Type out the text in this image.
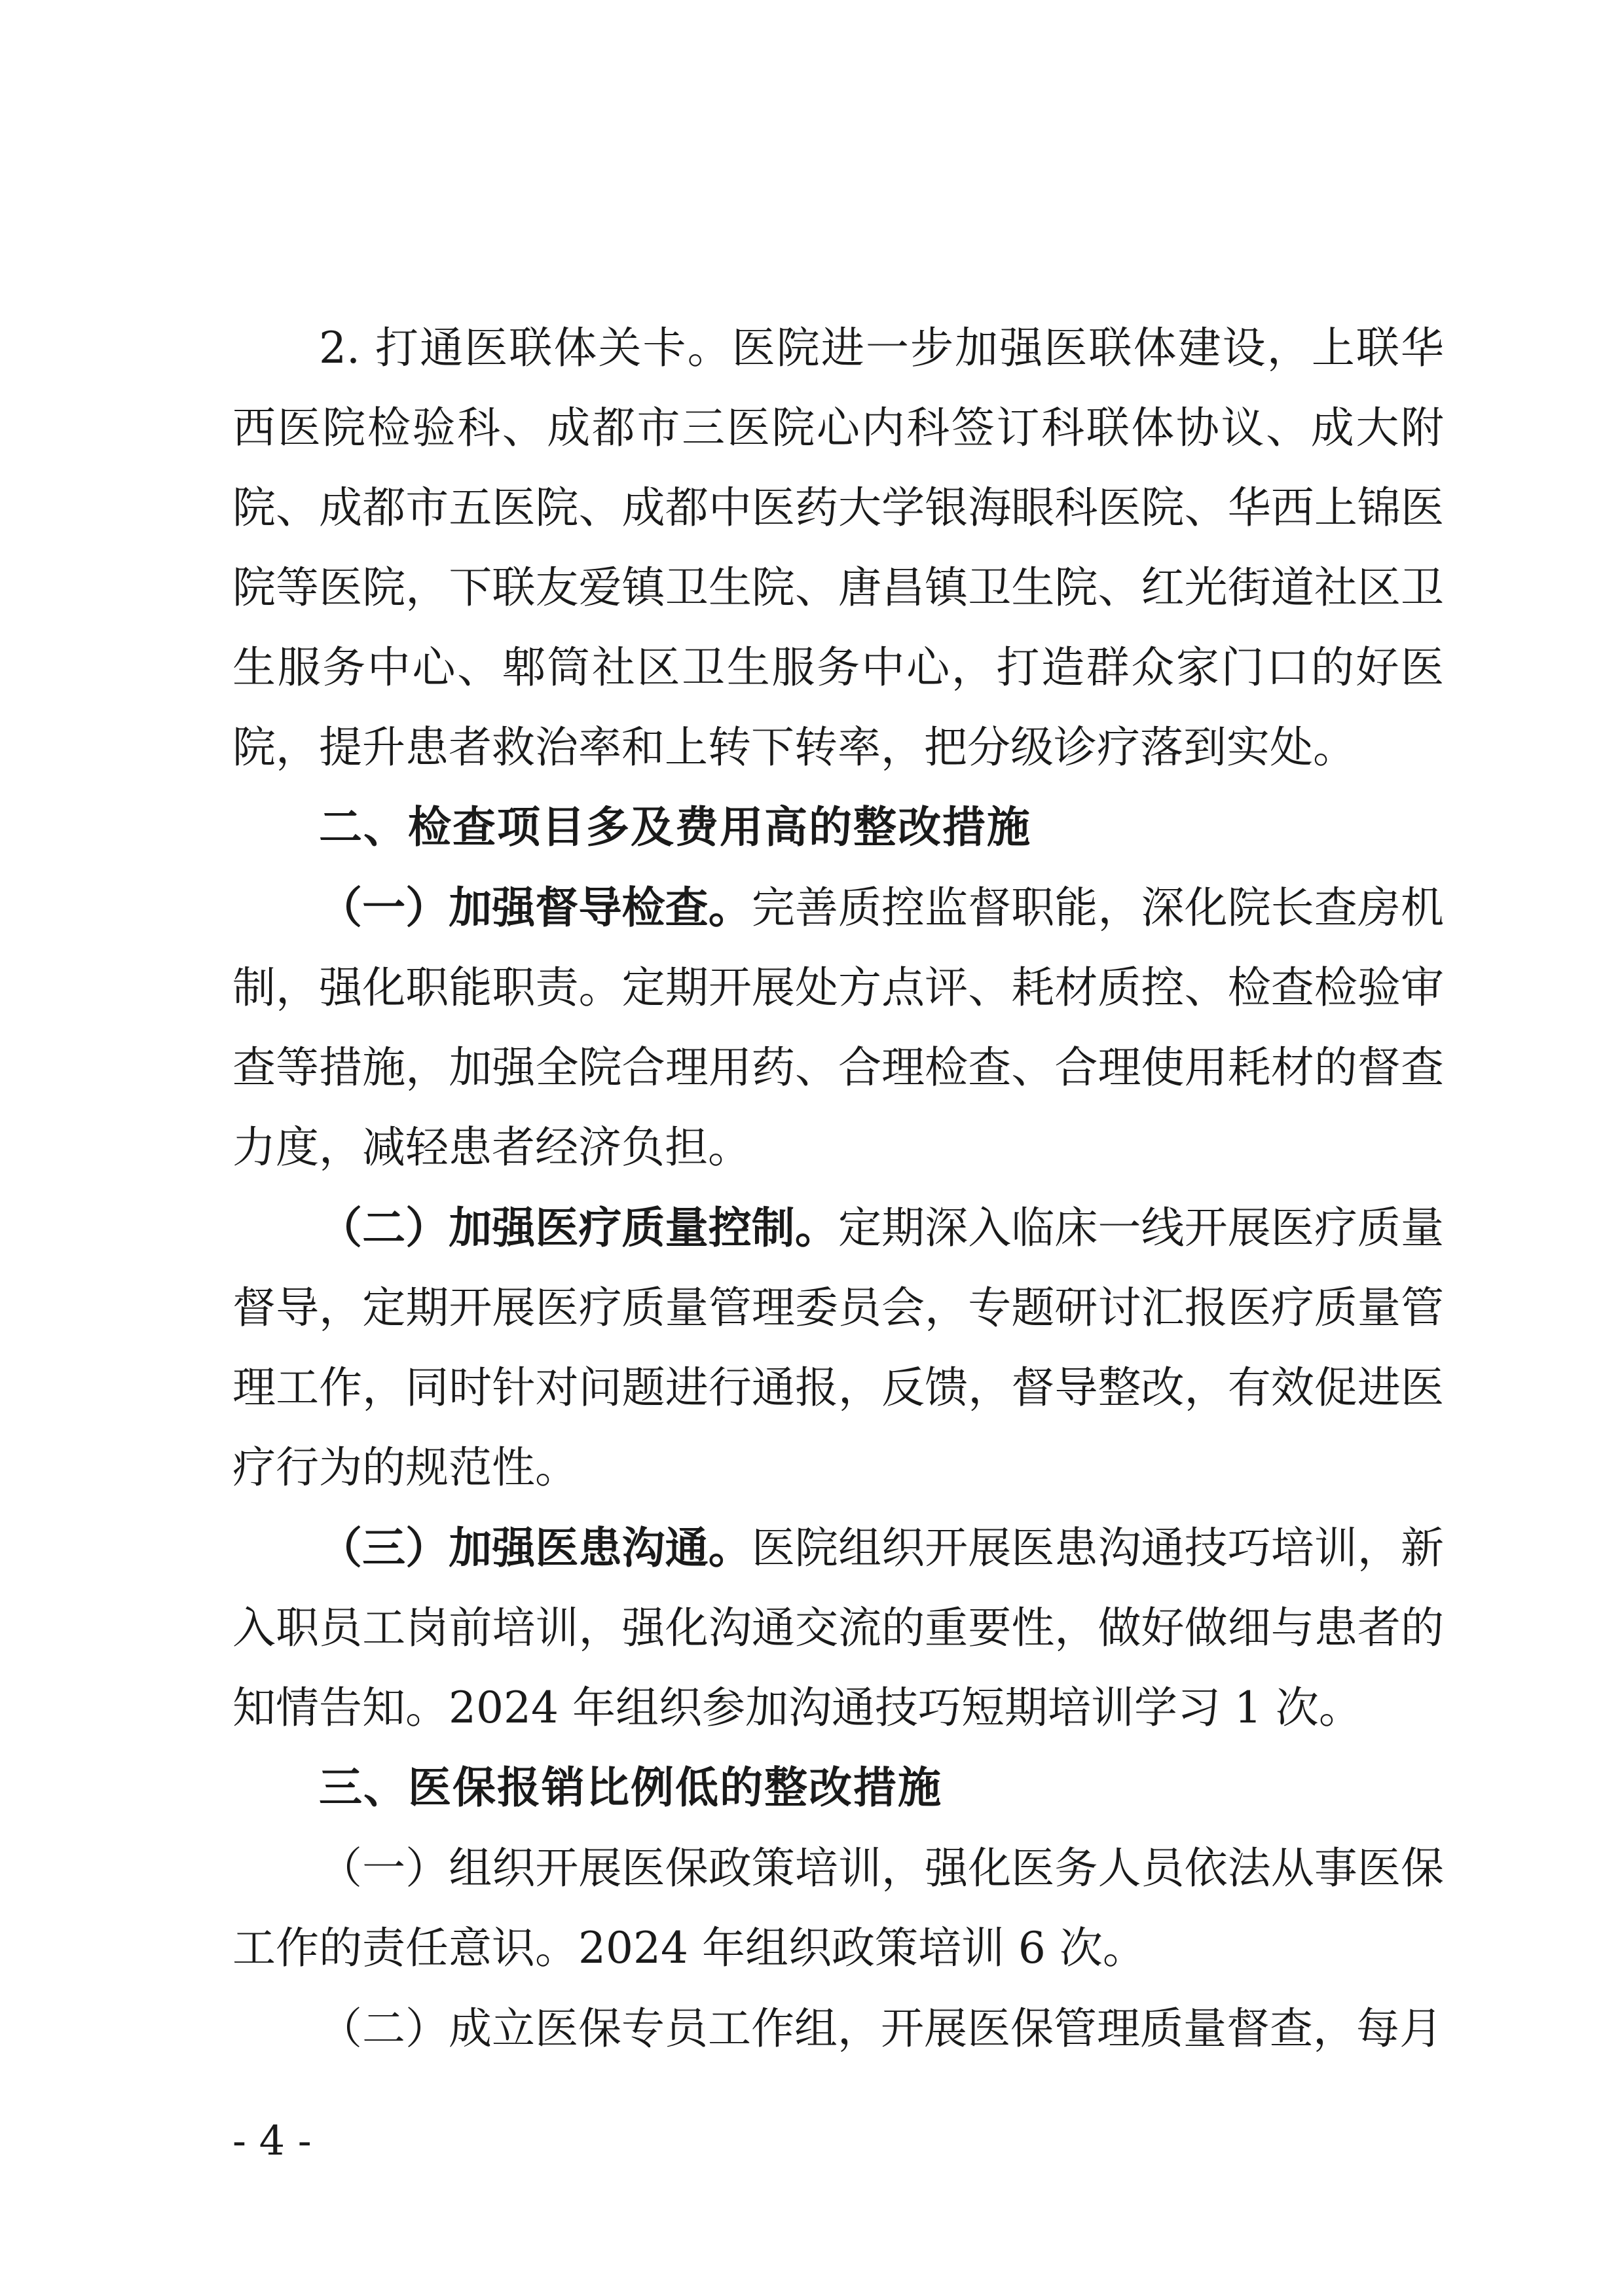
2. 打通医联体关卡。医院进一步加强医联体建设，上联华西医院检验科、成都市三医院心内科签订科联体协议、成大附院、成都市五医院、成都中医药大学银海眼科医院、华西上锦医院等医院，下联友爱镇卫生院、唐昌镇卫生院、红光街道社区卫生服务中心、郫筒社区卫生服务中心，打造群众家门口的好医院，提升患者救治率和上转下转率，把分级诊疗落到实处。

二、检查项目多及费用高的整改措施

（一）加强督导检查。完善质控监督职能，深化院长查房机制，强化职能职责。定期开展处方点评、耗材质控、检查检验审查等措施，加强全院合理用药、合理检查、合理使用耗材的督查力度，减轻患者经济负担。

（二）加强医疗质量控制。定期深入临床一线开展医疗质量督导，定期开展医疗质量管理委员会，专题研讨汇报医疗质量管理工作，同时针对问题进行通报，反馈，督导整改，有效促进医疗行为的规范性。

（三）加强医患沟通。医院组织开展医患沟通技巧培训，新入职员工岗前培训，强化沟通交流的重要性，做好做细与患者的知情告知。2024 年组织参加沟通技巧短期培训学习 1 次。

三、医保报销比例低的整改措施

（一）组织开展医保政策培训，强化医务人员依法从事医保工作的责任意识。2024 年组织政策培训 6 次。

（二）成立医保专员工作组，开展医保管理质量督查，每月

- 4 -
